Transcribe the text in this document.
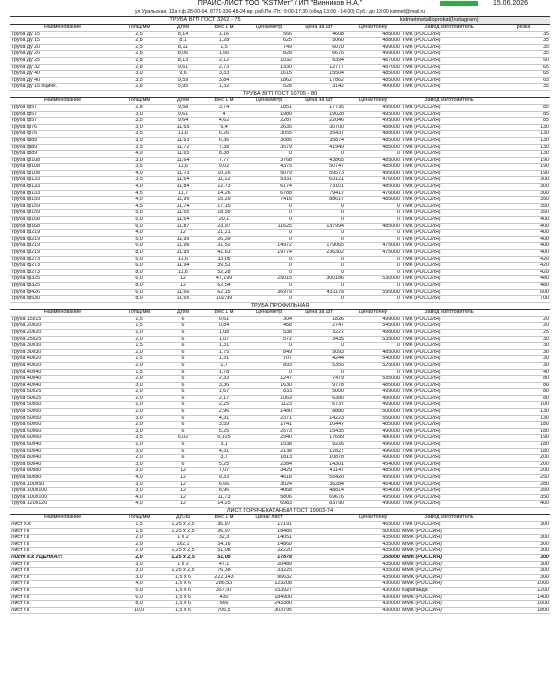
ПРАЙС-ЛИСТ ТОО "KSTMет" / ИП "Винников Н.А."	15.06.2026
ул.Уральская, 12а т.ф.28-00-04, 8771-336-48-24 вр. раб.Пн.-Пт.: 9:00-17:30 (обед 13:00 - 14:00) Суб.: до 13:00 kstmet@mail.ru
ТРУБА ВГП ГОСТ 3262 - 75	kstmetmetalloprokat(Instagram)
Наименование	Толщ/мм	Дл/м	Вес 1 м	Цена/метр	цена за шт	Цена/тонну	Завод изготовитель	резка
Труба ду 15	2,5	8,14	1,16	566	4608	485000	ТМК (РОССИЯ)	35
Труба ду 15	2,8	8,1	1,28	625	5060	488000	ТМК (РОССИЯ)	35
Труба ду 20	2,5	8,11	1,5	749	6070	499000	ТМК (РОССИЯ)	35
Труба ду 20	2,8	8,06	1,66	828	6676	499000	ТМК (РОССИЯ)	35
Труба ду 25	2,8	8,13	2,12	1032	8394	487000	ТМК (РОССИЯ)	50
Труба ду 32	2,8	9,61	2,73	1330	12777	487000	ТМК (РОССИЯ)	65
Труба ду 40	3,0	9,6	3,33	1615	15504	485000	ТМК (РОССИЯ)	65
Труба ду 40	3,5	9,59	3,84	1862	17862	485000	ТМК (РОССИЯ)	65
Труба ду 15 оцинк.	2,8	5,95	1,32	528	3142	400000	ТМК (РОССИЯ)	35
ТРУБА ВГП ГОСТ 10705 - 80								
Наименование	Толщ/мм	Дл/м	Вес 1 м	Цена/метр	цена за шт	Цена/тонну	Завод изготовитель	
Труба ф57	2,8	9,58	3,74	1851	17735	495000	ТМК (РОССИЯ)	85
Труба ф57	3,0	9,61	4	1980	19028	495000	ТМК (РОССИЯ)	85
Труба ф57	3,5	9,64	4,62	2287	22046	495000	ТМК (РОССИЯ)	85
Труба ф76	3,0	11,65	5,4	2635	30700	488000	ТМК (РОССИЯ)	130
Труба ф76	3,5	11,6	6,26	3055	35437	488000	ТМК (РОССИЯ)	130
Труба ф89	3,0	11,63	6,36	3085	35874	485000	ТМК (РОССИЯ)	130
Труба ф89	3,5	11,72	7,38	3579	41949	485000	ТМК (РОССИЯ)	130
Труба ф89	4,0	11,65	8,38	0	0	0	ТМК (РОССИЯ)	130
Труба ф108	3,0	11,64	7,77	3768	43865	485000	ТМК (РОССИЯ)	190
Труба ф108	3,5	11,6	9,02	4375	50747	485000	ТМК (РОССИЯ)	190
Труба ф108	4,0	11,73	10,26	5079	59573	495000	ТМК (РОССИЯ)	190
Труба ф133	3,5	11,64	11,12	5331	63121	476000	ТМК (РОССИЯ)	300
Труба ф133	4,0	11,84	12,73	6174	73101	485000	ТМК (РОССИЯ)	300
Труба ф133	4,5	11,7	14,26	6788	79417	476000	ТМК (РОССИЯ)	300
Труба ф159	4,0	11,95	15,29	7416	88617	485000	ТМК (РОССИЯ)	350
Труба ф159	4,5	11,74	17,15	0	0	0	ТМК (РОССИЯ)	350
Труба ф159	5,0	11,65	18,99	0	0	0	ТМК (РОССИЯ)	350
Труба ф168	5,0	11,64	20,1	0	0	0	ТМК (РОССИЯ)	400
Труба ф168	6,0	11,87	23,97	11625	137994	485000	ТМК (РОССИЯ)	400
Труба ф219	4,0	12	21,21	0	0	0	ТМК (РОССИЯ)	400
Труба ф219	5,0	11,95	26,39	0	0	0	ТМК (РОССИЯ)	400
Труба ф219	6,0	11,96	31,52	14972	179065	475000	ТМК (РОССИЯ)	400
Труба ф219	8,0	11,95	41,63	19774	236302	475000	ТМК (РОССИЯ)	400
Труба ф273	5,0	11,6	33,05	0	0	0	ТМК (РОССИЯ)	420
Труба ф273	6,0	11,94	39,51	0	0	0	ТМК (РОССИЯ)	420
Труба ф273	8,0	11,6	52,28	0	0	0	ТМК (РОССИЯ)	420
Труба ф325	6,0	12	47,199	25015	300186	530000	ТМК (РОССИЯ)	480
Труба ф325	8,0	12	62,54	0	0	0	ТМК (РОССИЯ)	480
Труба ф426	6,0	11,66	62,15	36979	431178	595000	ТМК (РОССИЯ)	600
Труба ф530	8,0	11,65	102,99	0	0	0	ТМК (РОССИЯ)	700
ТРУБА ПРОФИЛЬНАЯ								
Наименование	Толщ/мм	Дл/м	Вес 1 м	Цена/метр	цена за шт	Цена/тонну	Завод изготовитель	
Труба 15х15	1,5	6	0,61	304	1826	499000	ТМК (РОССИЯ)	20
Труба 20х20	1,5	6	0,84	458	2747	545000	ТМК (РОССИЯ)	20
Труба 20х20	2,0	6	1,08	538	3227	498000	ТМК (РОССИЯ)	25
Труба 25х25	2,0	6	1,07	572	3435	535000	ТМК (РОССИЯ)	30
Труба 30х30	1,5	6	1,31	0	0	0	ТМК (РОССИЯ)	30
Труба 30х30	2,0	6	1,75	849	5093	485000	ТМК (РОССИЯ)	30
Труба 40х20	1,5	6	1,31	707	4244	540000	ТМК (РОССИЯ)	30
Труба 40х20	2,0	6	1,7	893	5355	525000	ТМК (РОССИЯ)	30
Труба 40х40	1,5	6	1,78	0	0	0	ТМК (РОССИЯ)	40
Труба 40х40	2,0	6	2,33	1247	7479	535000	ТМК (РОССИЯ)	80
Труба 40х40	3,0	6	3,36	1630	9778	485000	ТМК (РОССИЯ)	80
Труба 50х25	2,0	6	1,67	833	5000	499000	ТМК (РОССИЯ)	80
Труба 50х25	2,0	6	2,17	1063	6380	490000	ТМК (РОССИЯ)	80
Труба 50х50	2,0	6	2,25	1123	6737	499000	ТМК (РОССИЯ)	100
Труба 50х50	2,0	6	2,96	1480	8880	500000	ТМК (РОССИЯ)	130
Труба 50х50	3,0	6	4,31	2371	14223	550000	ТМК (РОССИЯ)	130
Труба 60х60	2,0	6	3,59	1741	10447	485000	ТМК (РОССИЯ)	180
Труба 60х60	3,0	6	5,25	2573	15435	490000	ТМК (РОССИЯ)	180
Труба 60х60	3,5	6,02	6,125	2940	17699	480000	ТМК (РОССИЯ)	190
Труба 60х40	2,0	6	3,1	1538	9226	496000	ТМК (РОССИЯ)	180
Труба 60х40	3,0	6	4,31	2138	12827	496000	ТМК (РОССИЯ)	180
Труба 80х40	2,0	6	3,7	1813	10878	490000	ТМК (РОССИЯ)	200
Труба 80х40	3,0	6	5,25	2384	14301	454000	ТМК (РОССИЯ)	200
Труба 80х80	3,0	12	7,07	3429	41147	485000	ТМК (РОССИЯ)	200
Труба 80х80	4,0	12	9,33	4618	55420	495000	ТМК (РОССИЯ)	250
Труба 100х50	3,0	12	6,66	3024	36284	454000	ТМК (РОССИЯ)	280
Труба 100х100	3,0	12	8,96	4068	48814	454000	ТМК (РОССИЯ)	350
Труба 100х100	4,0	12	11,73	5806	69676	495000	ТМК (РОССИЯ)	350
Труба 120х120	4,0	12	14,25	6983	83790	490000	ТМК (РОССИЯ)	400
ЛИСТ ГОРЯЧЕКАТАНЫЙ ГОСТ 19903-74								
Наименование	Толщ/мм	Дл./ш	Вес 1 м	Цена/ лист		Цена/тонну	Завод изготовитель	
Лист х.к	1,5	1,25 x 2,5	36,97	17191		465000	ТМК (РОССИЯ)	300
Лист г.к	1,5	1,25 x 2,5	36,97	18485		500000	ММК (РОССИЯ)	
Лист г.к	2,0	1 x 2	32,3	14051		435000	ММК (РОССИЯ)	300
Лист г.к	2,0	1х2,1	34,16	14860		435000	ММК (РОССИЯ)	300
Лист г.к	2,0	1,25 x 2,5	51,08	22220		435000	ММК (РОССИЯ)	300
Лист г.к УЦЕНКА!!!	2,0	1,25 x 2,5	51,08	17878		350000	ММК (РОССИЯ)	300
Лист г.к	3,0	1 x 2	47,1	20489		435000	ММК (РОССИЯ)	300
Лист г.к	3,0	1,25 x 2,5	76,38	33225		435000	ММК (РОССИЯ)	300
Лист г.к	3,0	1,5 x 6	222,143	96632		435000	ММК (РОССИЯ)	300
Лист г.к	4,0	1,5 x 6	286,53	123208		430000	ММК (РОССИЯ)	1000
Лист г.к	5,0	1,5 x 6	357,97	153927		430000	Карагандa	1200
Лист г.к	6,0	1,5 x 6	430	184900		430000	ММК (РОССИЯ)	1400
Лист г.к	8,0	1,5 x 6	566	243380		430000	ММК (РОССИЯ)	1600
Лист г.к	10,0	1,5 x 6	706,5	303795		430000	ММК (РОССИЯ)	1800
